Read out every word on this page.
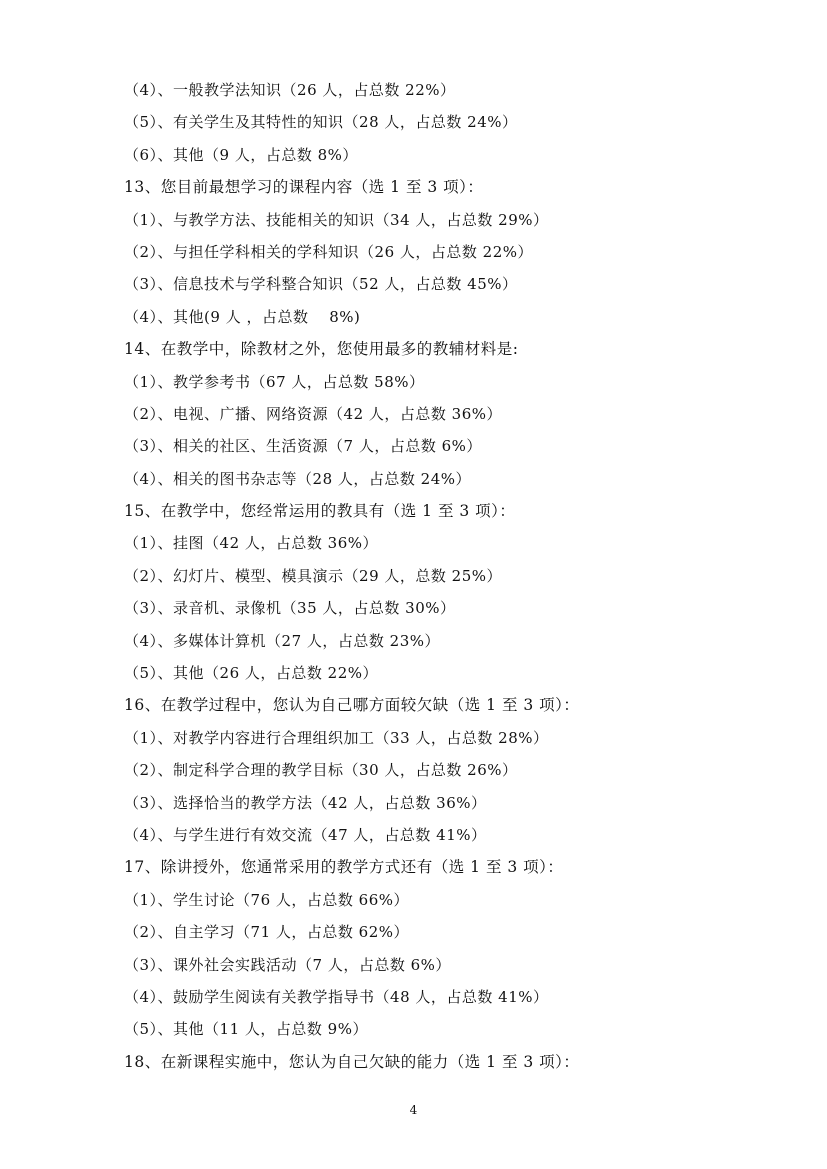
（4）、一般教学法知识（26 人，占总数 22%）
（5）、有关学生及其特性的知识（28 人，占总数 24%）
（6）、其他（9 人，占总数 8%）
13、您目前最想学习的课程内容（选 1 至 3 项）：
（1）、与教学方法、技能相关的知识（34 人，占总数 29%）
（2）、与担任学科相关的学科知识（26 人，占总数 22%）
（3）、信息技术与学科整合知识（52 人，占总数 45%）
（4）、其他(9 人 ，占总数　 8%)
14、在教学中，除教材之外，您使用最多的教辅材料是:
（1）、教学参考书（67 人，占总数 58%）
（2）、电视、广播、网络资源（42 人，占总数 36%）
（3）、相关的社区、生活资源（7 人，占总数 6%）
（4）、相关的图书杂志等（28 人，占总数 24%）
15、在教学中，您经常运用的教具有（选 1 至 3 项）：
（1）、挂图（42 人，占总数 36%）
（2）、幻灯片、模型、模具演示（29 人，总数 25%）
（3）、录音机、录像机（35 人，占总数 30%）
（4）、多媒体计算机（27 人，占总数 23%）
（5）、其他（26 人，占总数 22%）
16、在教学过程中，您认为自己哪方面较欠缺（选 1 至 3 项）：
（1）、对教学内容进行合理组织加工（33 人，占总数 28%）
（2）、制定科学合理的教学目标（30 人，占总数 26%）
（3）、选择恰当的教学方法（42 人，占总数 36%）
（4）、与学生进行有效交流（47 人，占总数 41%）
17、除讲授外，您通常采用的教学方式还有（选 1 至 3 项）：
（1）、学生讨论（76 人，占总数 66%）
（2）、自主学习（71 人，占总数 62%）
（3）、课外社会实践活动（7 人，占总数 6%）
（4）、鼓励学生阅读有关教学指导书（48 人，占总数 41%）
（5）、其他（11 人，占总数 9%）
18、在新课程实施中，您认为自己欠缺的能力（选 1 至 3 项）：
4
